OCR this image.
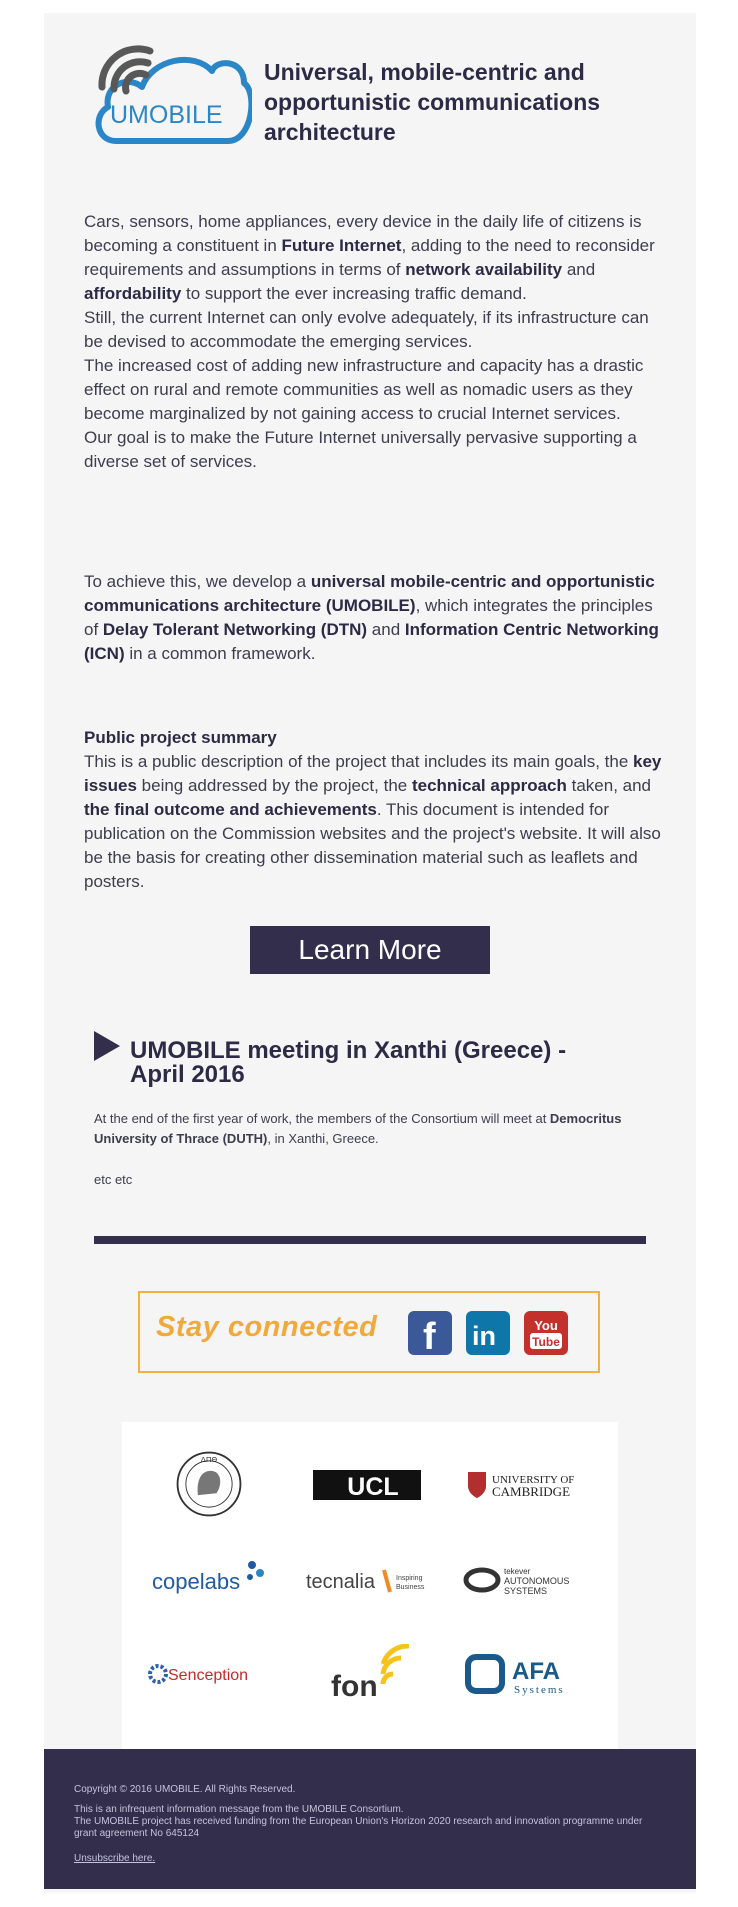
UMOBILE
Universal, mobile-centric and opportunistic communications architecture
Cars, sensors, home appliances, every device in the daily life of citizens is becoming a constituent in Future Internet, adding to the need to reconsider requirements and assumptions in terms of network availability and affordability to support the ever increasing traffic demand.
Still, the current Internet can only evolve adequately, if its infrastructure can be devised to accommodate the emerging services.
The increased cost of adding new infrastructure and capacity has a drastic effect on rural and remote communities as well as nomadic users as they become marginalized by not gaining access to crucial Internet services.
Our goal is to make the Future Internet universally pervasive supporting a diverse set of services.
To achieve this, we develop a universal mobile-centric and opportunistic communications architecture (UMOBILE), which integrates the principles of Delay Tolerant Networking (DTN) and Information Centric Networking (ICN) in a common framework.
Public project summary
This is a public description of the project that includes its main goals, the key issues being addressed by the project, the technical approach taken, and the final outcome and achievements. This document is intended for publication on the Commission websites and the project's website. It will also be the basis for creating other dissemination material such as leaflets and posters.
Learn More
UMOBILE meeting in Xanthi (Greece) - April 2016
At the end of the first year of work, the members of the Consortium will meet at Democritus University of Thrace (DUTH), in Xanthi, Greece.
etc etc
Stay connected f in	You
Tube
ΔΠΘ
UCL	UNIVERSITY OF
CAMBRIDGE
copelabs	tecnalia	Inspiring
Business
tekever
AUTONOMOUS
SYSTEMS
Senception	fon	AFA
Systems
Copyright © 2016 UMOBILE. All Rights Reserved.
This is an infrequent information message from the UMOBILE Consortium.
The UMOBILE project has received funding from the European Union's Horizon 2020 research and innovation programme under grant agreement No 645124
Unsubscribe here.
